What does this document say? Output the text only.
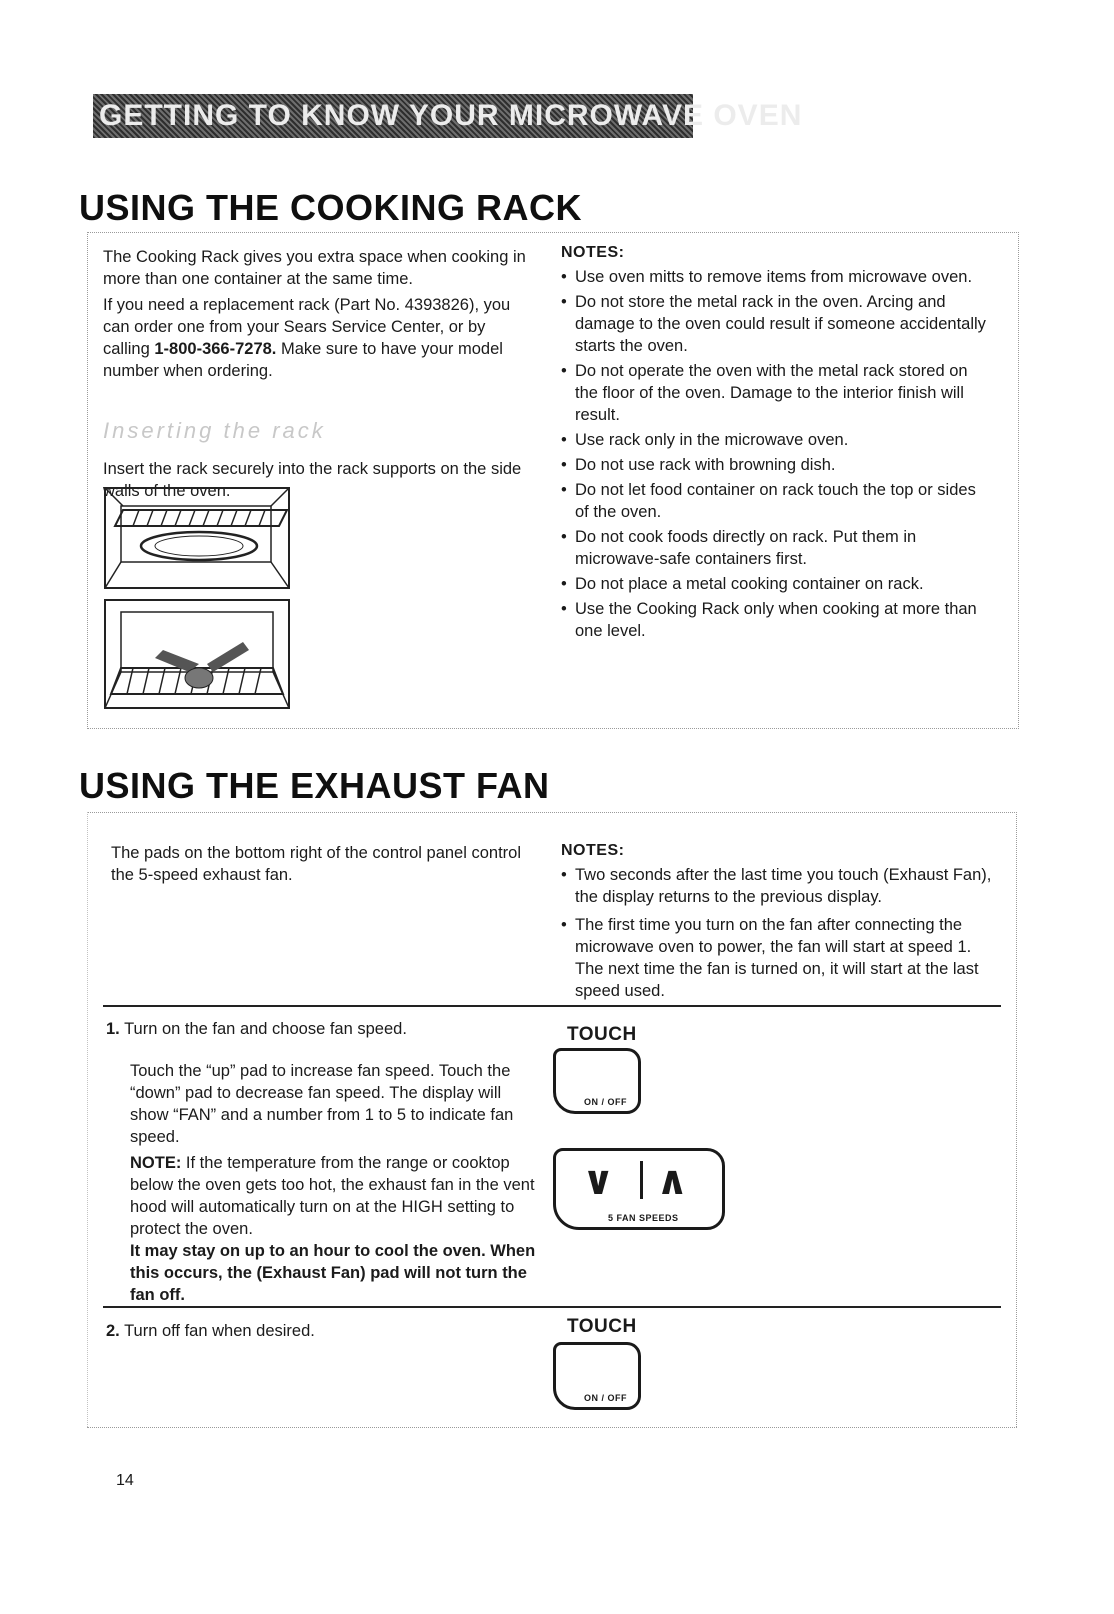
GETTING TO KNOW YOUR MICROWAVE OVEN
USING THE COOKING RACK
The Cooking Rack gives you extra space when cooking in more than one container at the same time.
If you need a replacement rack (Part No. 4393826), you can order one from your Sears Service Center, or by calling 1-800-366-7278. Make sure to have your model number when ordering.
Inserting the rack
Insert the rack securely into the rack supports on the side walls of the oven.
NOTES:
• Use oven mitts to remove items from microwave oven.
• Do not store the metal rack in the oven. Arcing and damage to the oven could result if someone accidentally starts the oven.
• Do not operate the oven with the metal rack stored on the floor of the oven. Damage to the interior finish will result.
• Use rack only in the microwave oven.
• Do not use rack with browning dish.
• Do not let food container on rack touch the top or sides of the oven.
• Do not cook foods directly on rack. Put them in microwave-safe containers first.
• Do not place a metal cooking container on rack.
• Use the Cooking Rack only when cooking at more than one level.
USING THE EXHAUST FAN
The pads on the bottom right of the control panel control the 5-speed exhaust fan.
NOTES:
• Two seconds after the last time you touch (Exhaust Fan), the display returns to the previous display.
• The first time you turn on the fan after connecting the microwave oven to power, the fan will start at speed 1. The next time the fan is turned on, it will start at the last speed used.
1. Turn on the fan and choose fan speed.
Touch the “up” pad to increase fan speed. Touch the “down” pad to decrease fan speed. The display will show “FAN” and a number from 1 to 5 to indicate fan speed.
NOTE: If the temperature from the range or cooktop below the oven gets too hot, the exhaust fan in the vent hood will automatically turn on at the HIGH setting to protect the oven.
It may stay on up to an hour to cool the oven. When this occurs, the (Exhaust Fan) pad will not turn the fan off.
TOUCH
ON / OFF
∨ ∧
5 FAN SPEEDS
2. Turn off fan when desired.	TOUCH
ON / OFF
14
